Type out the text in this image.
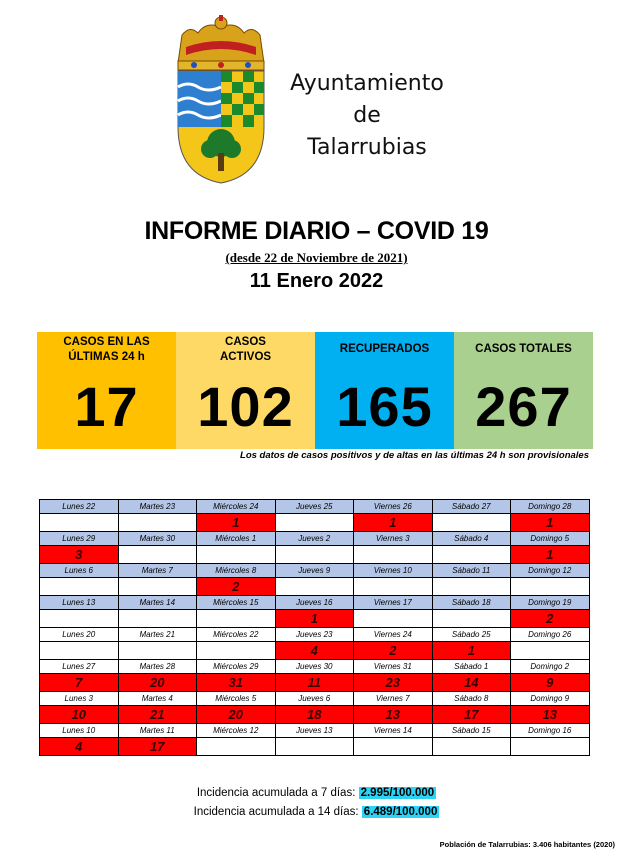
Ayuntamiento
de
Talarrubias
INFORME DIARIO – COVID 19
(desde 22 de Noviembre de 2021)
11 Enero 2022
CASOS EN LAS ÚLTIMAS 24 h
17
CASOS ACTIVOS
102
RECUPERADOS
165
CASOS TOTALES
267
Los datos de casos positivos y de altas en las últimas 24 h son provisionales
Lunes 22	Martes 23	Miércoles 24	Jueves 25	Viernes 26	Sábado 27	Domingo 28
		1		1		1
Lunes 29	Martes 30	Miércoles 1	Jueves 2	Viernes 3	Sábado 4	Domingo 5
3						1
Lunes 6	Martes 7	Miércoles 8	Jueves 9	Viernes 10	Sábado 11	Domingo 12
		2				
Lunes 13	Martes 14	Miércoles 15	Jueves 16	Viernes 17	Sábado 18	Domingo 19
			1			2
Lunes 20	Martes 21	Miércoles 22	Jueves 23	Viernes 24	Sábado 25	Domingo 26
			4	2	1	
Lunes 27	Martes 28	Miércoles 29	Jueves 30	Viernes 31	Sábado 1	Domingo 2
7	20	31	11	23	14	9
Lunes 3	Martes 4	Miércoles 5	Jueves 6	Viernes 7	Sábado 8	Domingo 9
10	21	20	18	13	17	13
Lunes 10	Martes 11	Miércoles 12	Jueves 13	Viernes 14	Sábado 15	Domingo 16
4	17					
Incidencia acumulada a 7 días: 2.995/100.000
Incidencia acumulada a 14 días: 6.489/100.000
Población de Talarrubias: 3.406 habitantes (2020)
